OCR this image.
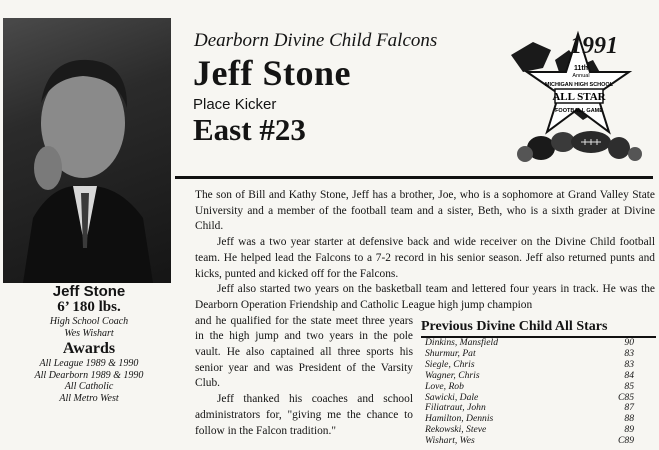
Dearborn Divine Child Falcons
Jeff Stone
Place Kicker
East #23
11th
Annual
MICHIGAN HIGH SCHOOL
ALL STAR
FOOTBALL GAME
1991

The son of Bill and Kathy Stone, Jeff has a brother, Joe, who is a sophomore at Grand Valley State University and a member of the football team and a sister, Beth, who is a sixth grader at Divine Child.

Jeff was a two year starter at defensive back and wide receiver on the Divine Child football team. He helped lead the Falcons to a 7-2 record in his senior season. Jeff also returned punts and kicks, punted and kicked off for the Falcons.

Jeff also started two years on the basketball team and lettered four years in track. He was the Dearborn Operation Friendship and Catholic League high jump champion

and he qualified for the state meet three years in the high jump and two years in the pole vault. He also captained all three sports his senior year and was President of the Varsity Club.

Jeff thanked his coaches and school administrators for, "giving me the chance to follow in the Falcon tradition."

Jeff Stone
6’ 180 lbs.
High School Coach
Wes Wishart
Awards
All League 1989 & 1990
All Dearborn 1989 & 1990
All Catholic
All Metro West
Previous Divine Child All Stars
Dinkins, Mansfield	90
Shurmur, Pat	83
Siegle, Chris	83
Wagner, Chris	84
Love, Rob	85
Sawicki, Dale	C85
Filiatraut, John	87
Hamilton, Dennis	88
Rekowski, Steve	89
Wishart, Wes	C89
